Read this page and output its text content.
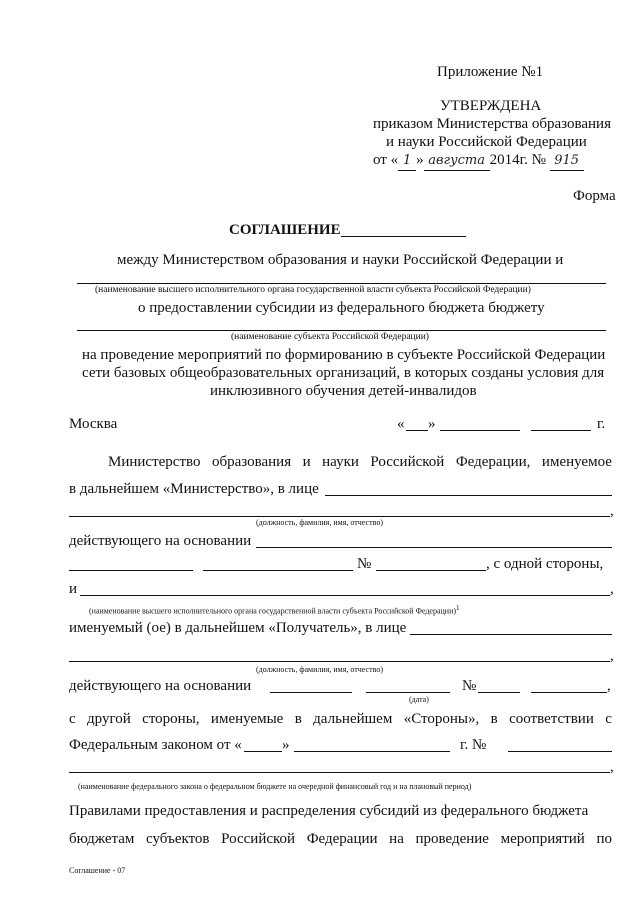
Приложение №1
УТВЕРЖДЕНА
приказом Министерства образования
и науки Российской Федерации
от « 1 » августа 2014г. № 915
Форма
СОГЛАШЕНИЕ
между Министерством образования и науки Российской Федерации и
(наименование высшего исполнительного органа государственной власти субъекта Российской Федерации)
о предоставлении субсидии из федерального бюджета бюджету
(наименование субъекта Российской Федерации)
на проведение мероприятий по формированию в субъекте Российской Федерации
сети базовых общеобразовательных организаций, в которых созданы условия для
инклюзивного обучения детей-инвалидов
Москва	« »	г.
Министерство образования и науки Российской Федерации, именуемое
в дальнейшем «Министерство», в лице
,
(должность, фамилия, имя, отчество)
действующего на основании
№	, с одной стороны,
и	,
(наименование высшего исполнительного органа государственной власти субъекта Российской Федерации)$^1$
именуемый (ое) в дальнейшем «Получатель», в лице
,
(должность, фамилия, имя, отчество)
действующего на основании	№	,
(дата)
с другой стороны, именуемые в дальнейшем «Стороны», в соответствии с
Федеральным законом от «	»	г. №
,
(наименование федерального закона о федеральном бюджете на очередной финансовый год и на плановый период)
Правилами предоставления и распределения субсидий из федерального бюджета
бюджетам субъектов Российской Федерации на проведение мероприятий по
Соглашение - 07
